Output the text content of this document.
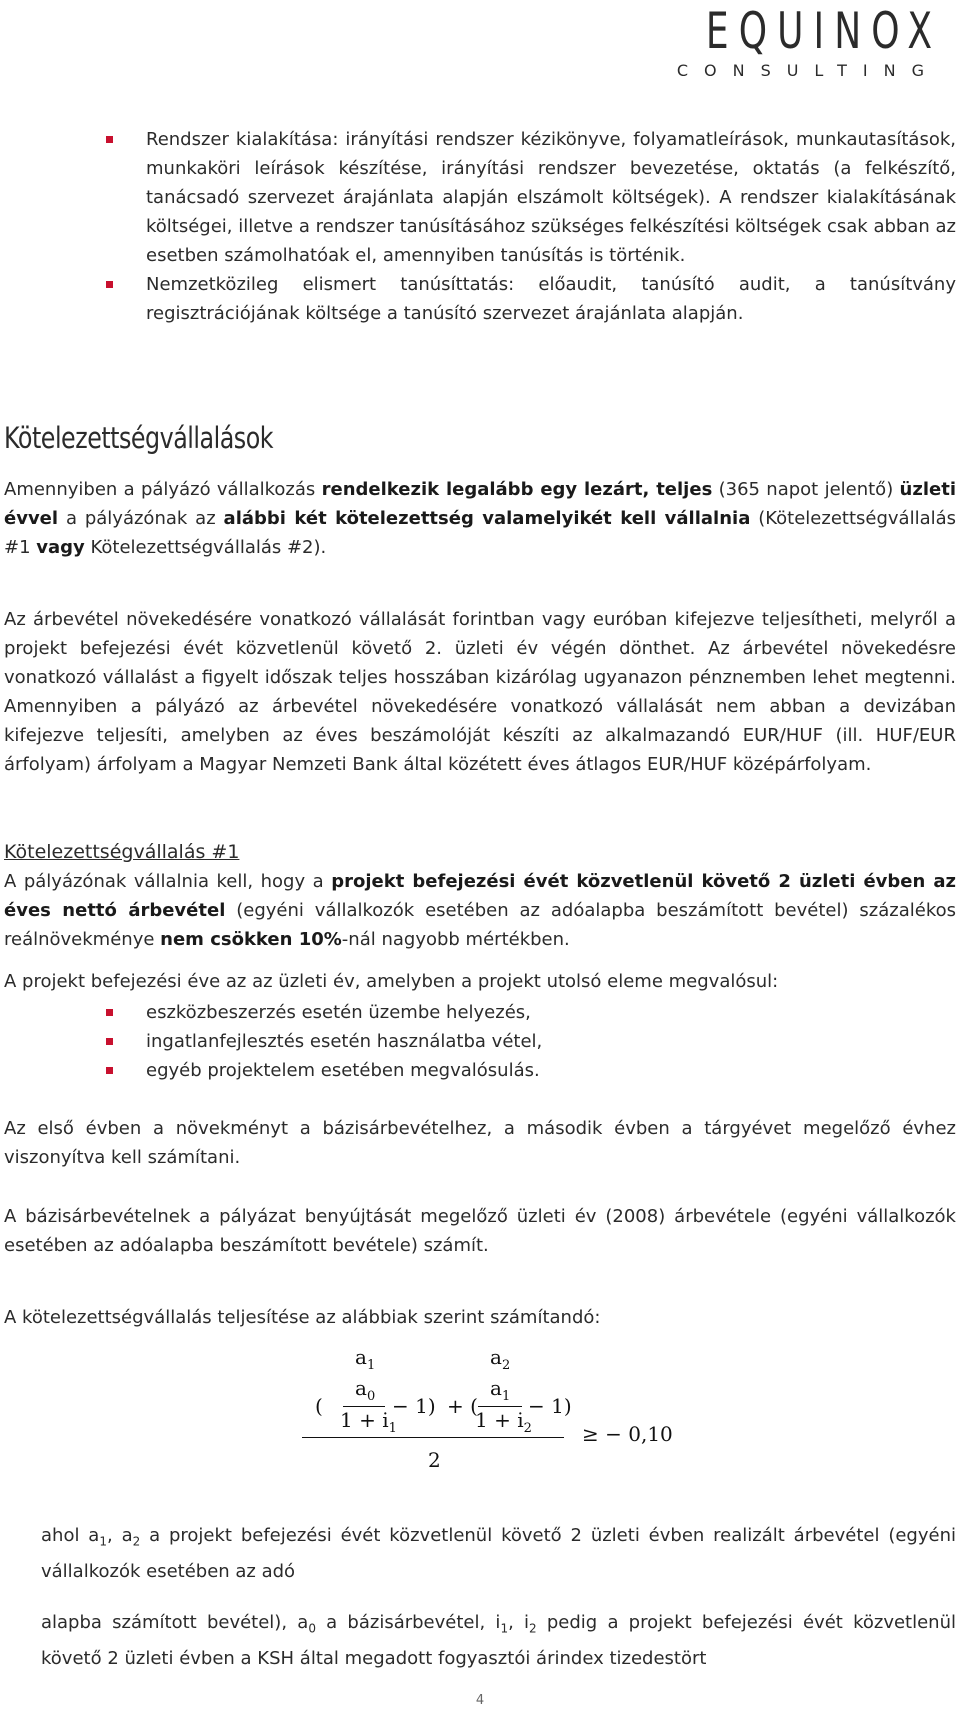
EQUINOX
CONSULTING
Rendszer kialakítása: irányítási rendszer kézikönyve, folyamatleírások, munkautasítások, munkaköri leírások készítése, irányítási rendszer bevezetése, oktatás (a felkészítő, tanácsadó szervezet árajánlata alapján elszámolt költségek). A rendszer kialakításának költségei, illetve a rendszer tanúsításához szükséges felkészítési költségek csak abban az esetben számolhatóak el, amennyiben tanúsítás is történik.
Nemzetközileg elismert tanúsíttatás: előaudit, tanúsító audit, a tanúsítvány regisztrációjának költsége a tanúsító szervezet árajánlata alapján.
Kötelezettségvállalások

Amennyiben a pályázó vállalkozás rendelkezik legalább egy lezárt, teljes (365 napot jelentő) üzleti évvel a pályázónak az alábbi két kötelezettség valamelyikét kell vállalnia (Kötelezettségvállalás #1 vagy Kötelezettségvállalás #2).

Az árbevétel növekedésére vonatkozó vállalását forintban vagy euróban kifejezve teljesítheti, melyről a projekt befejezési évét közvetlenül követő 2. üzleti év végén dönthet. Az árbevétel növekedésre vonatkozó vállalást a figyelt időszak teljes hosszában kizárólag ugyanazon pénznemben lehet megtenni. Amennyiben a pályázó az árbevétel növekedésére vonatkozó vállalását nem abban a devizában kifejezve teljesíti, amelyben az éves beszámolóját készíti az alkalmazandó EUR/HUF (ill. HUF/EUR árfolyam) árfolyam a Magyar Nemzeti Bank által közétett éves átlagos EUR/HUF középárfolyam.

Kötelezettségvállalás #1

A pályázónak vállalnia kell, hogy a projekt befejezési évét közvetlenül követő 2 üzleti évben az éves nettó árbevétel (egyéni vállalkozók esetében az adóalapba beszámított bevétel) százalékos reálnövekménye nem csökken 10%-nál nagyobb mértékben.

A projekt befejezési éve az az üzleti év, amelyben a projekt utolsó eleme megvalósul:

eszközbeszerzés esetén üzembe helyezés,
ingatlanfejlesztés esetén használatba vétel,
egyéb projektelem esetében megvalósulás.

Az első évben a növekményt a bázisárbevételhez, a második évben a tárgyévet megelőző évhez viszonyítva kell számítani.

A bázisárbevételnek a pályázat benyújtását megelőző üzleti év (2008) árbevétele (egyéni vállalkozók esetében az adóalapba beszámított bevétele) számít.

A kötelezettségvállalás teljesítése az alábbiak szerint számítandó:

$a_1$	$a_2$
(
$a_0$
$1 + i_1$
− 1) + (
$a_1$
$1 + i_2$
− 1)
2
≥ − 0,10

ahol $a_1$, $a_2$ a projekt befejezési évét közvetlenül követő 2 üzleti évben realizált árbevétel (egyéni vállalkozók esetében az adó

alapba számított bevétel), $a_0$ a bázisárbevétel, $i_1$, $i_2$ pedig a projekt befejezési évét közvetlenül követő 2 üzleti évben a KSH által megadott fogyasztói árindex tizedestört

4
